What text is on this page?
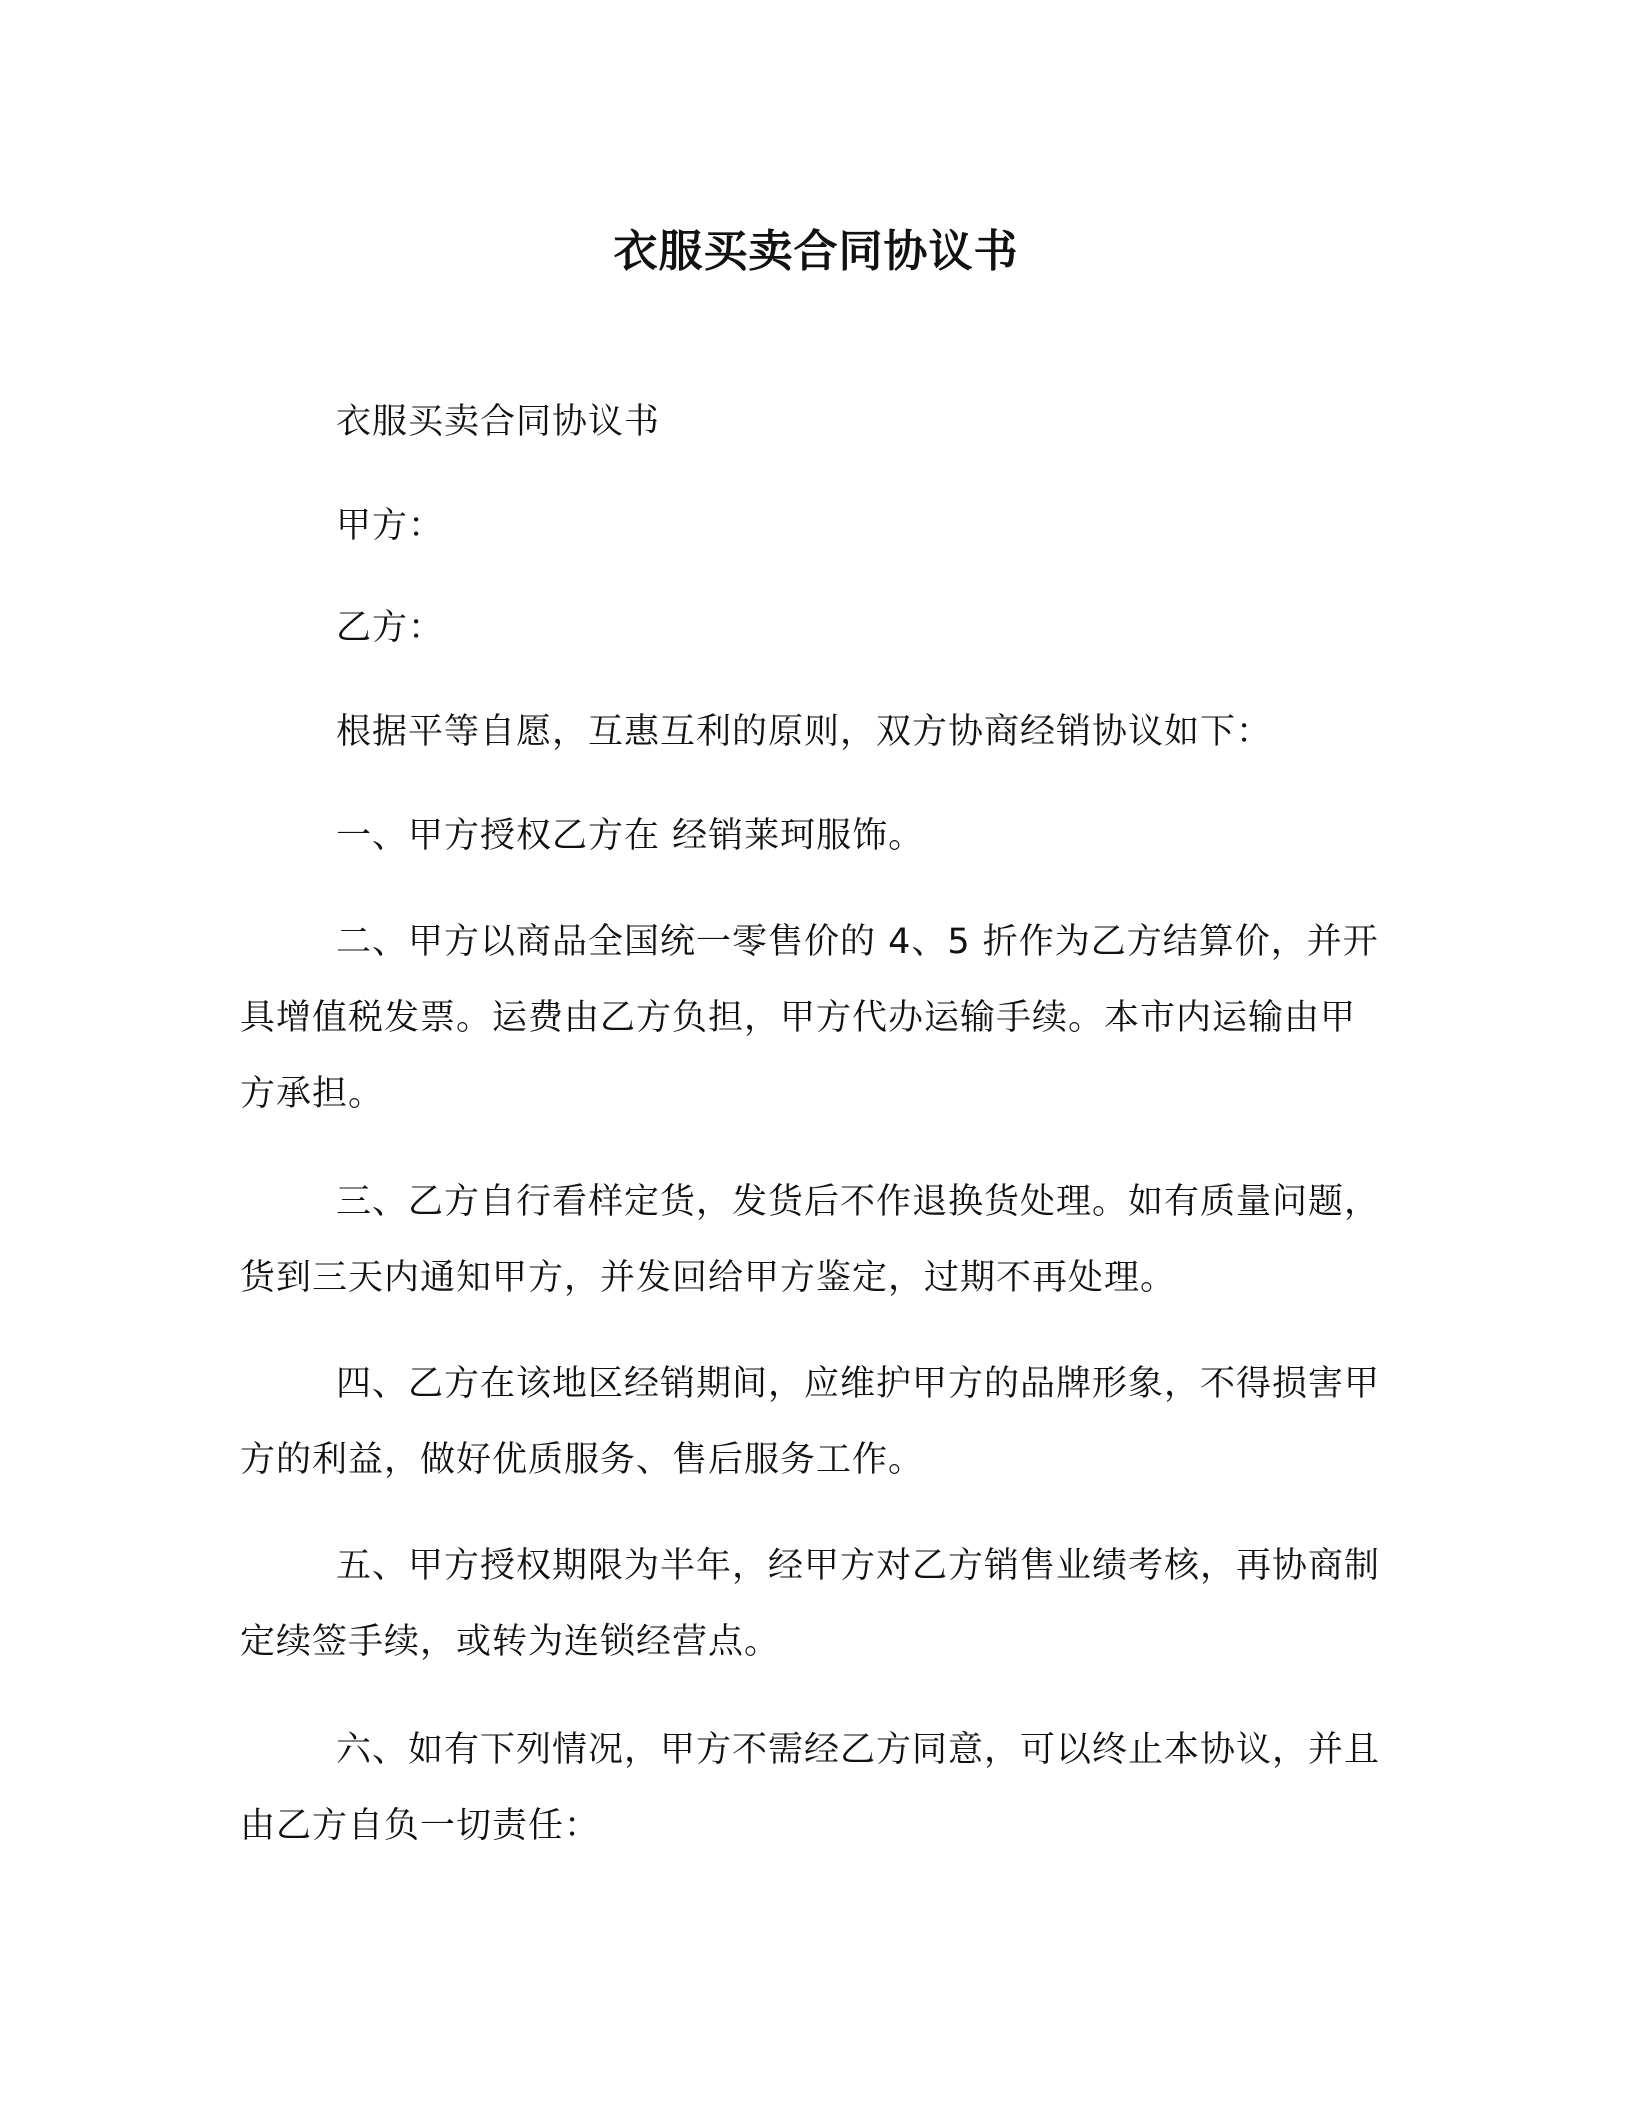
衣服买卖合同协议书

衣服买卖合同协议书

甲方：

乙方：

根据平等自愿，互惠互利的原则，双方协商经销协议如下：

一、甲方授权乙方在 经销莱珂服饰。

二、甲方以商品全国统一零售价的 4、5 折作为乙方结算价，并开具增值税发票。运费由乙方负担，甲方代办运输手续。本市内运输由甲方承担。

三、乙方自行看样定货，发货后不作退换货处理。如有质量问题，货到三天内通知甲方，并发回给甲方鉴定，过期不再处理。

四、乙方在该地区经销期间，应维护甲方的品牌形象，不得损害甲方的利益，做好优质服务、售后服务工作。

五、甲方授权期限为半年，经甲方对乙方销售业绩考核，再协商制定续签手续，或转为连锁经营点。

六、如有下列情况，甲方不需经乙方同意，可以终止本协议，并且由乙方自负一切责任：
